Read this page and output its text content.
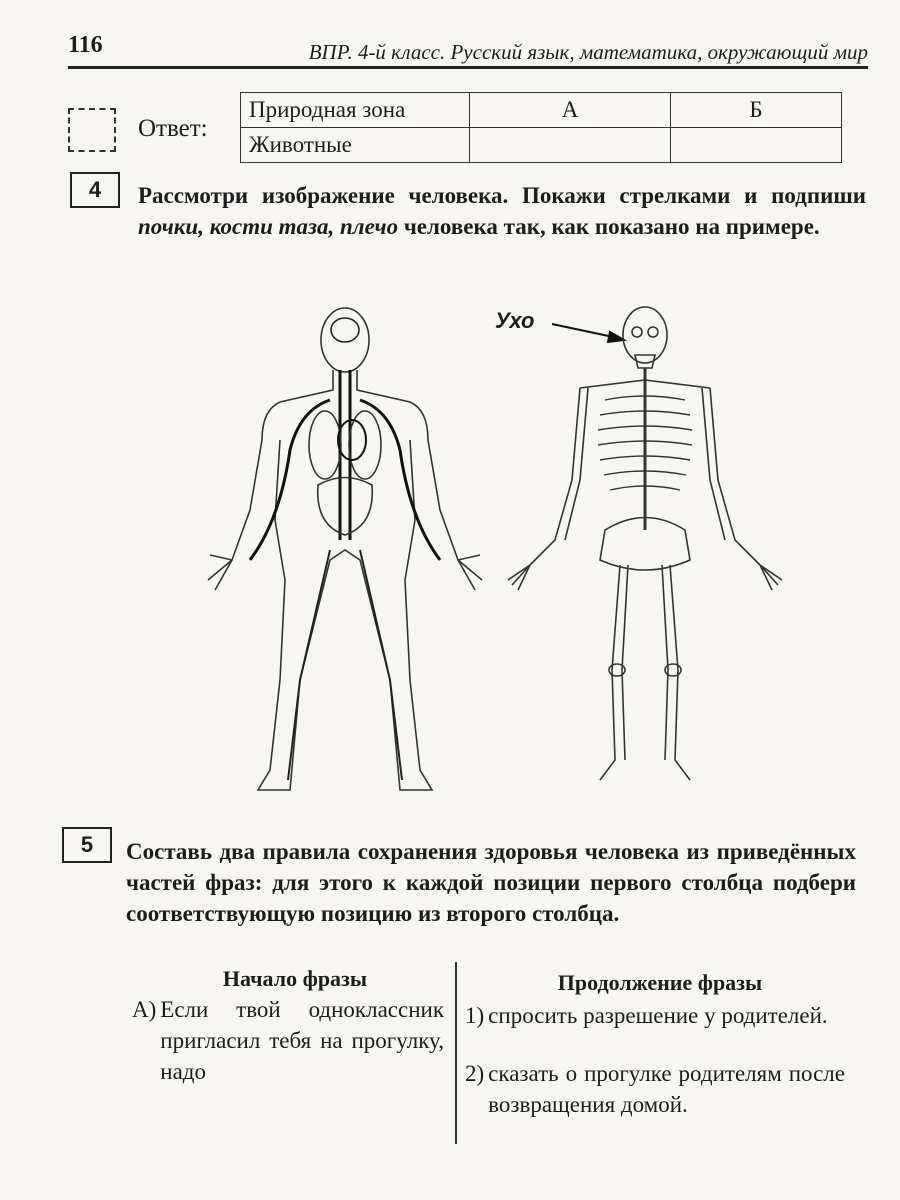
116	ВПР. 4-й класс. Русский язык, математика, окружающий мир
Ответ:
Природная зона	А	Б
Животные		
4	Рассмотри изображение человека. Покажи стрелками и подпиши почки, кости таза, плечо человека так, как показано на примере.
Ухо
5	Составь два правила сохранения здоровья человека из приведённых частей фраз: для этого к каждой позиции первого столбца подбери соответствующую позицию из второго столбца.
Начало фразы	Продолжение фразы
А) Если твой одноклассник пригласил тебя на прогулку, надо
1) спросить разрешение у родителей.
2) сказать о прогулке родителям после возвращения домой.
